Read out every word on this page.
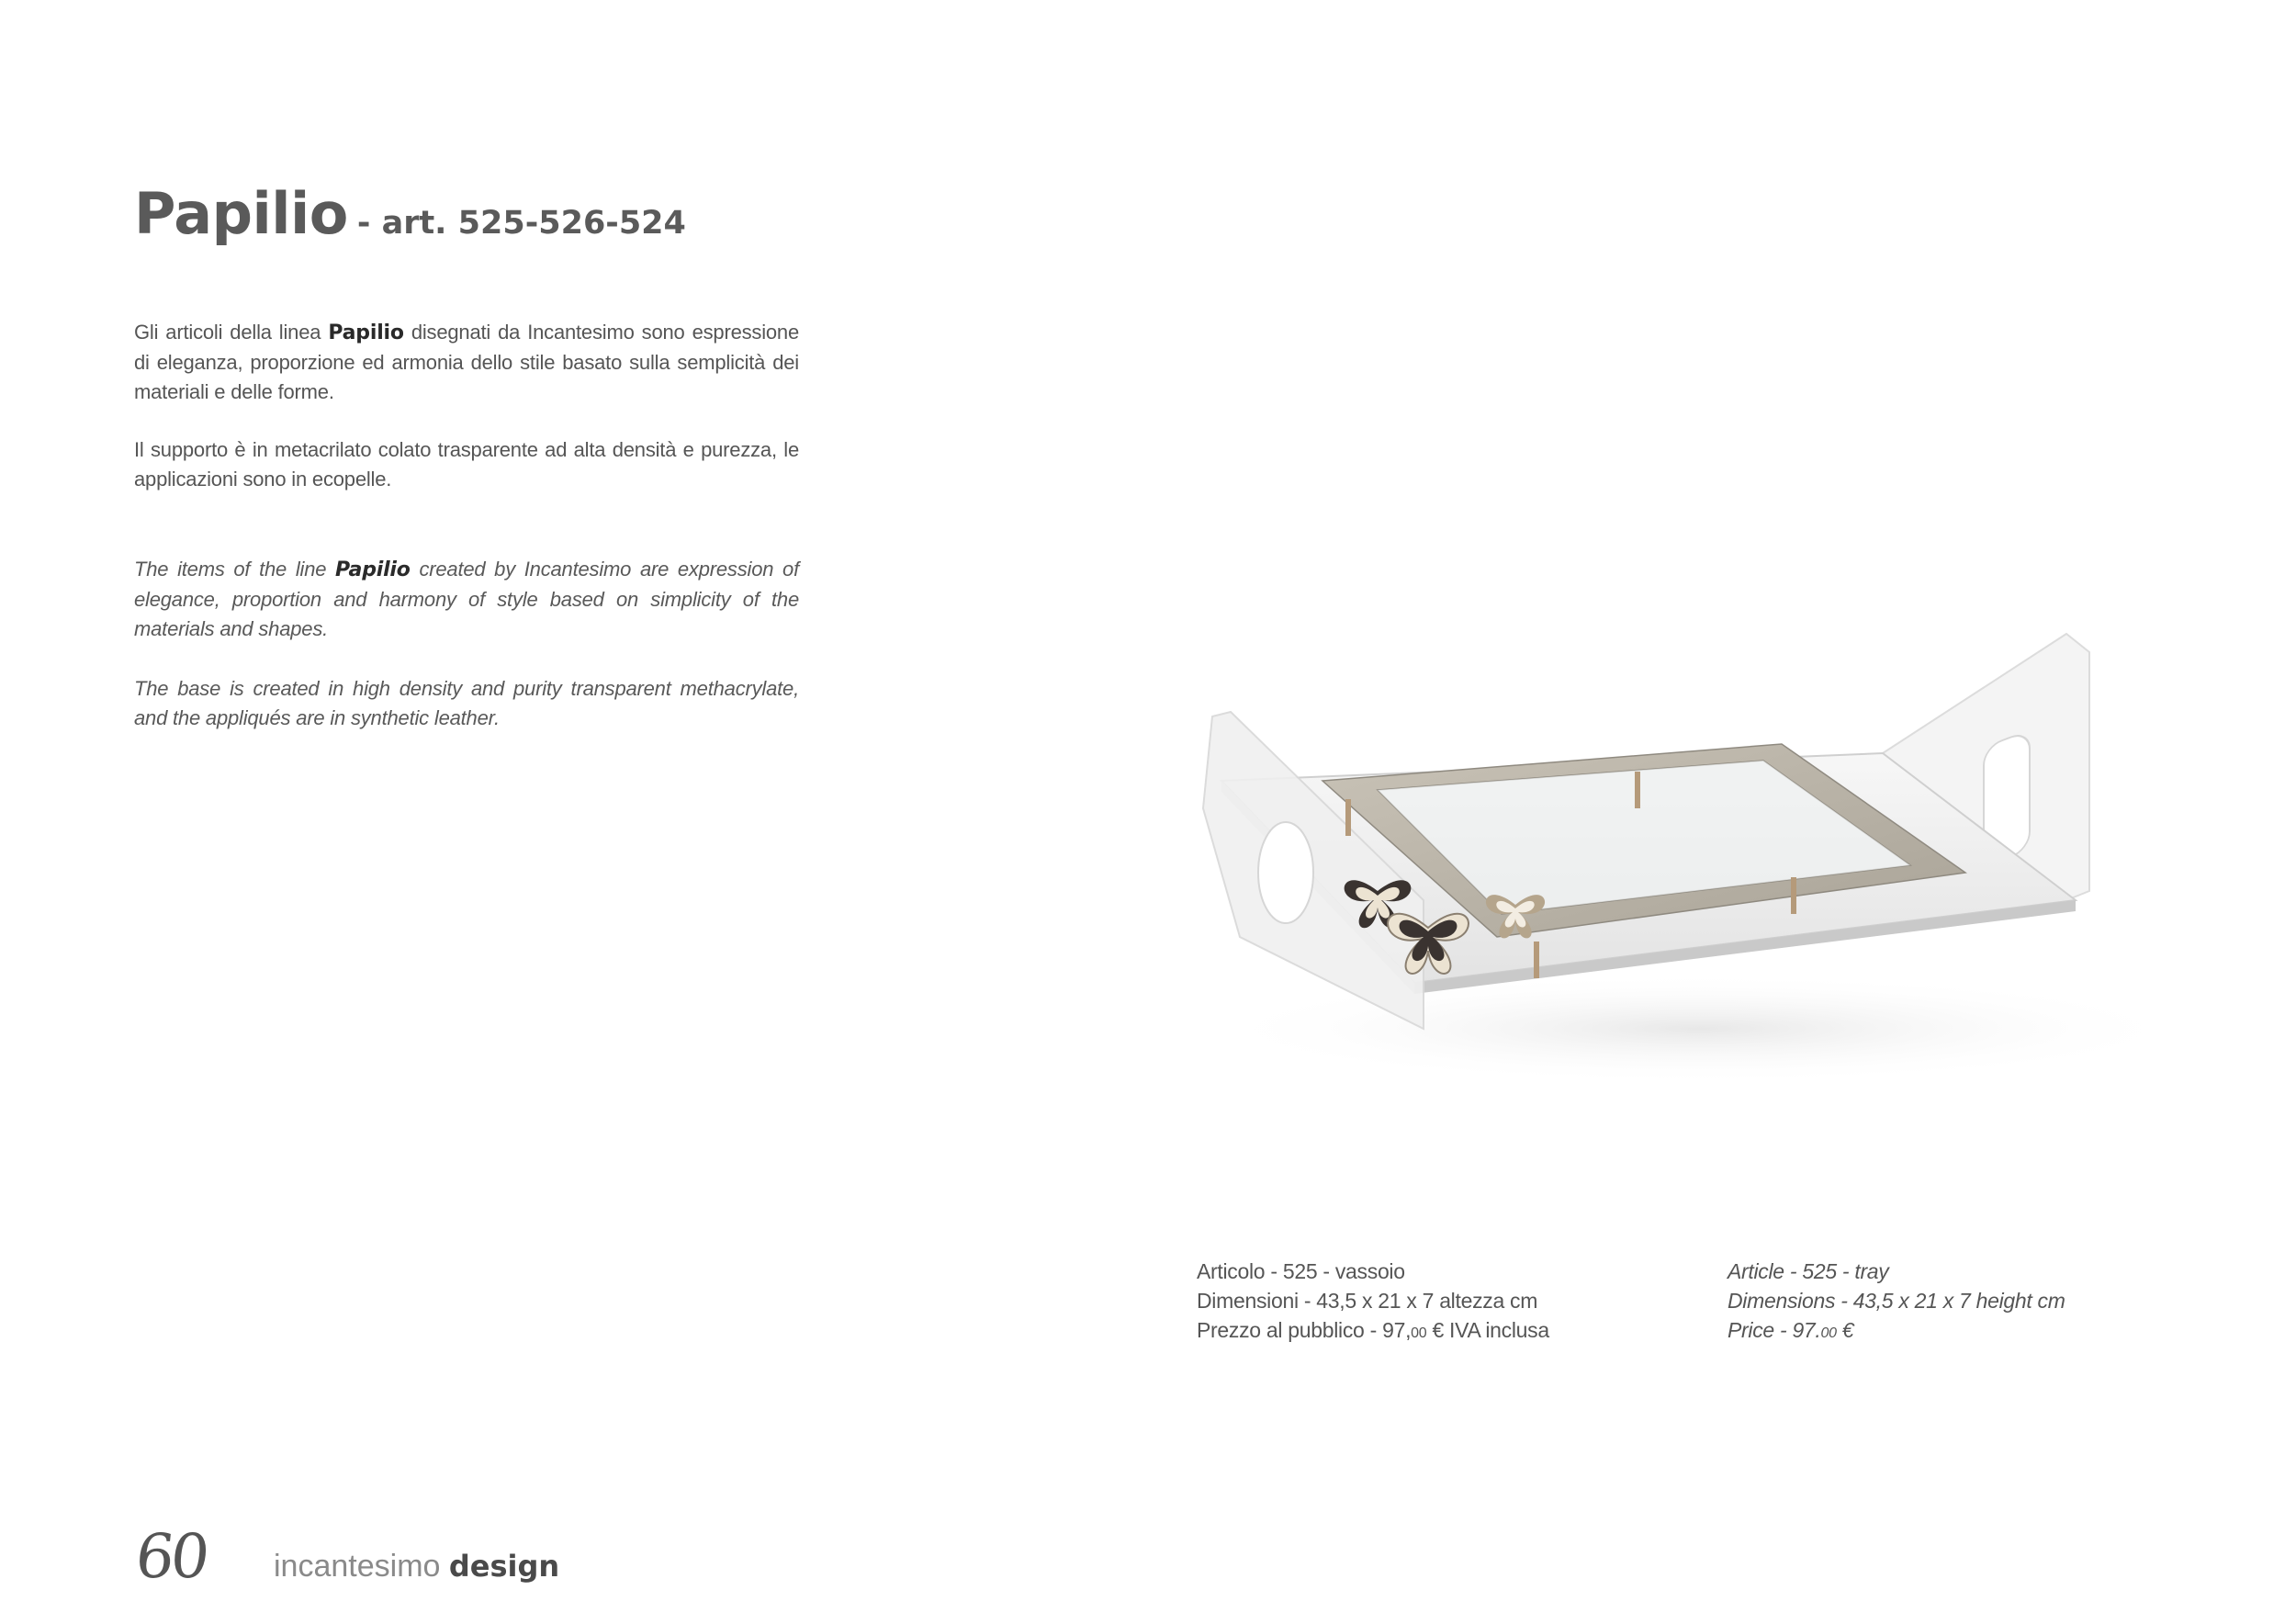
Papilio - art. 525-526-524

Gli articoli della linea Papilio disegnati da Incantesimo sono espressione di eleganza, proporzione ed armonia dello stile basato sulla semplicità dei materiali e delle forme.

Il supporto è in metacrilato colato trasparente ad alta densità e purezza, le applicazioni sono in ecopelle.

The items of the line Papilio created by Incantesimo are expression of elegance, proportion and harmony of style based on simplicity of the materials and shapes.

The base is created in high density and purity transparent methacrylate, and the appliqués are in synthetic leather.

Articolo - 525 - vassoio
Dimensioni - 43,5 x 21 x 7 altezza cm
Prezzo al pubblico - 97,00 € IVA inclusa
Article - 525 - tray
Dimensions - 43,5 x 21 x 7 height cm
Price - 97.00 €
60 incantesimo design
